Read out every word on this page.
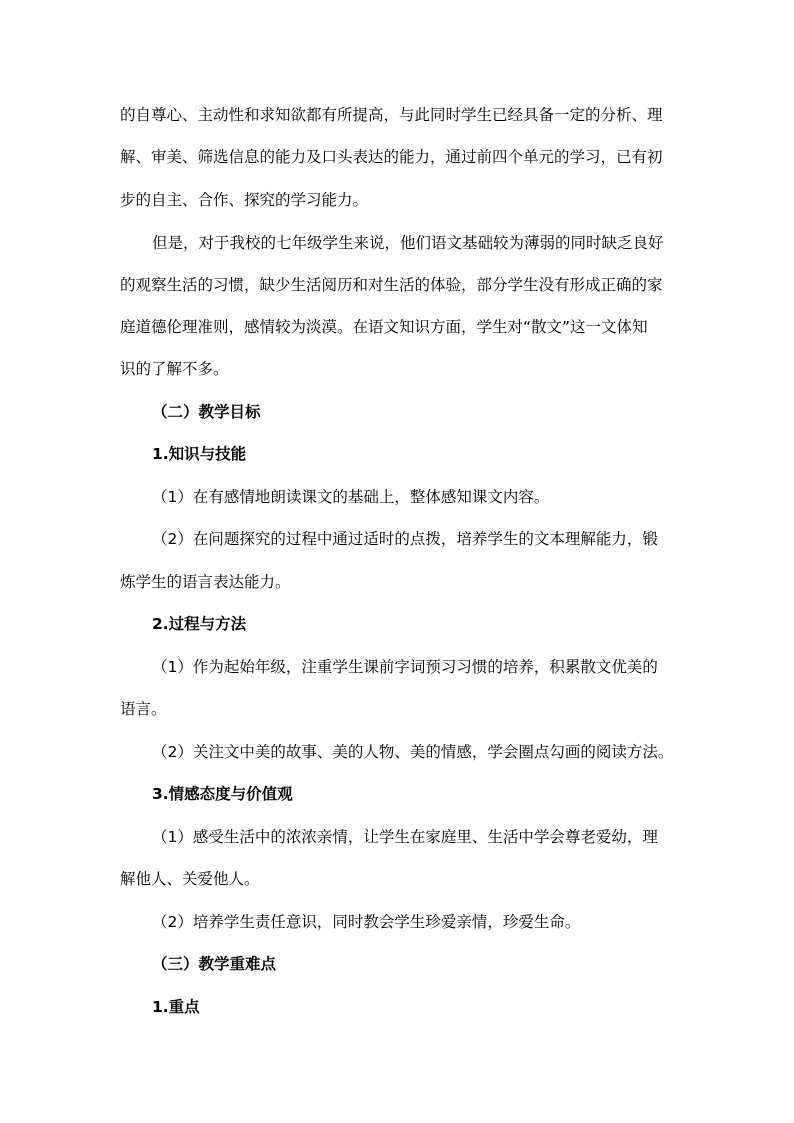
的自尊心、主动性和求知欲都有所提高，与此同时学生已经具备一定的分析、理

解、审美、筛选信息的能力及口头表达的能力，通过前四个单元的学习，已有初

步的自主、合作、探究的学习能力。

但是，对于我校的七年级学生来说，他们语文基础较为薄弱的同时缺乏良好

的观察生活的习惯，缺少生活阅历和对生活的体验，部分学生没有形成正确的家

庭道德伦理准则，感情较为淡漠。在语文知识方面，学生对“散文”这一文体知

识的了解不多。

（二）教学目标

1.知识与技能

（1）在有感情地朗读课文的基础上，整体感知课文内容。

（2）在问题探究的过程中通过适时的点拨，培养学生的文本理解能力，锻

炼学生的语言表达能力。

2.过程与方法

（1）作为起始年级，注重学生课前字词预习习惯的培养，积累散文优美的

语言。

（2）关注文中美的故事、美的人物、美的情感，学会圈点勾画的阅读方法。

3.情感态度与价值观

（1）感受生活中的浓浓亲情，让学生在家庭里、生活中学会尊老爱幼，理

解他人、关爱他人。

（2）培养学生责任意识，同时教会学生珍爱亲情，珍爱生命。

（三）教学重难点

1.重点
